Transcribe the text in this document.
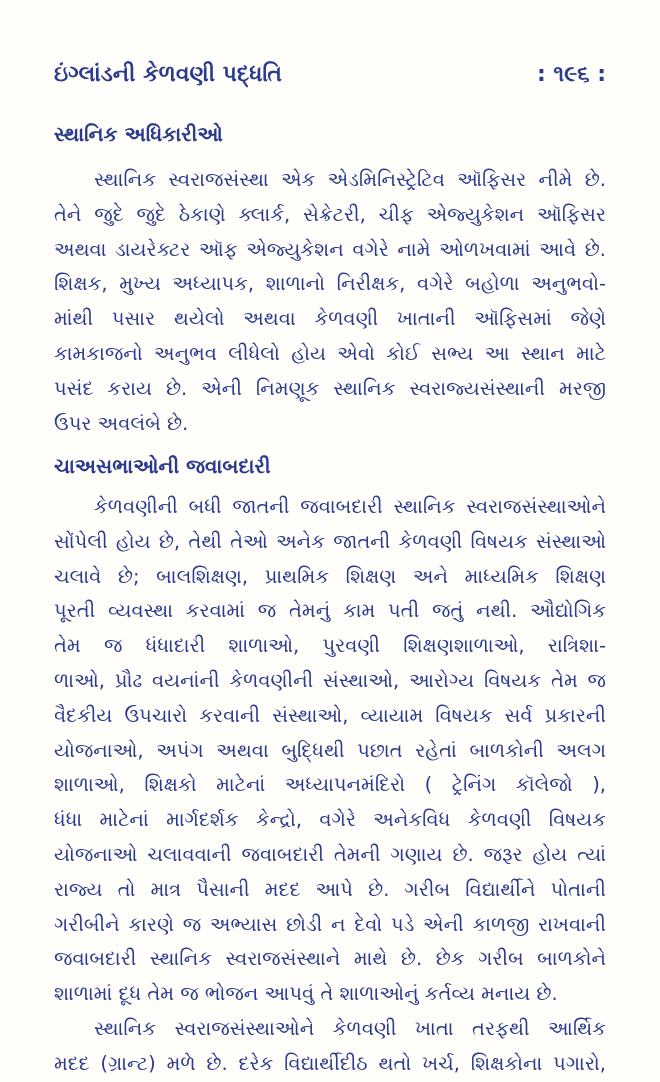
ઇંગ્લાંડની કેળવણી પદ્ધતિ	: ૧૯૬ :
સ્થાનિક અધિકારીઓ

સ્થાનિક સ્વરાજસંસ્થા એક એડમિનિસ્ટ્રેટિવ ઑફિસર નીમે છે.
તેને જુદે જુદે ઠેકાણે ક્લાર્ક, સેક્રેટરી, ચીફ એજ્યુકેશન ઑફિસર
અથવા ડાયરેક્ટર ઑફ એજ્યુકેશન વગેરે નામે ઓળખવામાં આવે છે.
શિક્ષક, મુખ્ય અધ્યાપક, શાળાનો નિરીક્ષક, વગેરે બહોળા અનુભવો-
માંથી પસાર થયેલો અથવા કેળવણી ખાતાની ઑફિસમાં જેણે
કામકાજનો અનુભવ લીધેલો હોય એવો કોઈ સભ્ય આ સ્થાન માટે
પસંદ કરાય છે. એની નિમણૂક સ્થાનિક સ્વરાજ્યસંસ્થાની મરજી
ઉપર અવલંબે છે.

ચાઅસભાઓની જવાબદારી

કેળવણીની બધી જાતની જવાબદારી સ્થાનિક સ્વરાજસંસ્થાઓને
સોંપેલી હોય છે, તેથી તેઓ અનેક જાતની કેળવણી વિષયક સંસ્થાઓ
ચલાવે છે; બાલશિક્ષણ, પ્રાથમિક શિક્ષણ અને માધ્યમિક શિક્ષણ
પૂરતી વ્યવસ્થા કરવામાં જ તેમનું કામ પતી જતું નથી. ઔદ્યોગિક
તેમ જ ધંધાદારી શાળાઓ, પુરવણી શિક્ષણશાળાઓ, રાત્રિશા-
ળાઓ, પ્રૌઢ વયનાંની કેળવણીની સંસ્થાઓ, આરોગ્ય વિષયક તેમ જ
વૈદકીય ઉપચારો કરવાની સંસ્થાઓ, વ્યાયામ વિષયક સર્વ પ્રકારની
યોજનાઓ, અપંગ અથવા બુદ્ધિથી પછાત રહેતાં બાળકોની અલગ
શાળાઓ, શિક્ષકો માટેનાં અધ્યાપનમંદિરો ( ટ્રેનિંગ કૉલેજો ),
ધંધા માટેનાં માર્ગદર્શક કેન્દ્રો, વગેરે અનેકવિધ કેળવણી વિષયક
યોજનાઓ ચલાવવાની જવાબદારી તેમની ગણાય છે. જરૂર હોય ત્યાં
રાજ્ય તો માત્ર પૈસાની મદદ આપે છે. ગરીબ વિદ્યાર્થીને પોતાની
ગરીબીને કારણે જ અભ્યાસ છોડી ન દેવો પડે એની કાળજી રાખવાની
જવાબદારી સ્થાનિક સ્વરાજસંસ્થાને માથે છે. છેક ગરીબ બાળકોને
શાળામાં દૂધ તેમ જ ભોજન આપવું તે શાળાઓનું કર્તવ્ય મનાય છે.
સ્થાનિક સ્વરાજસંસ્થાઓને કેળવણી ખાતા તરફથી આર્થિક
મદદ (ગ્રાન્ટ) મળે છે. દરેક વિદ્યાર્થીદીઠ થતો ખર્ચ, શિક્ષકોના પગારો,
